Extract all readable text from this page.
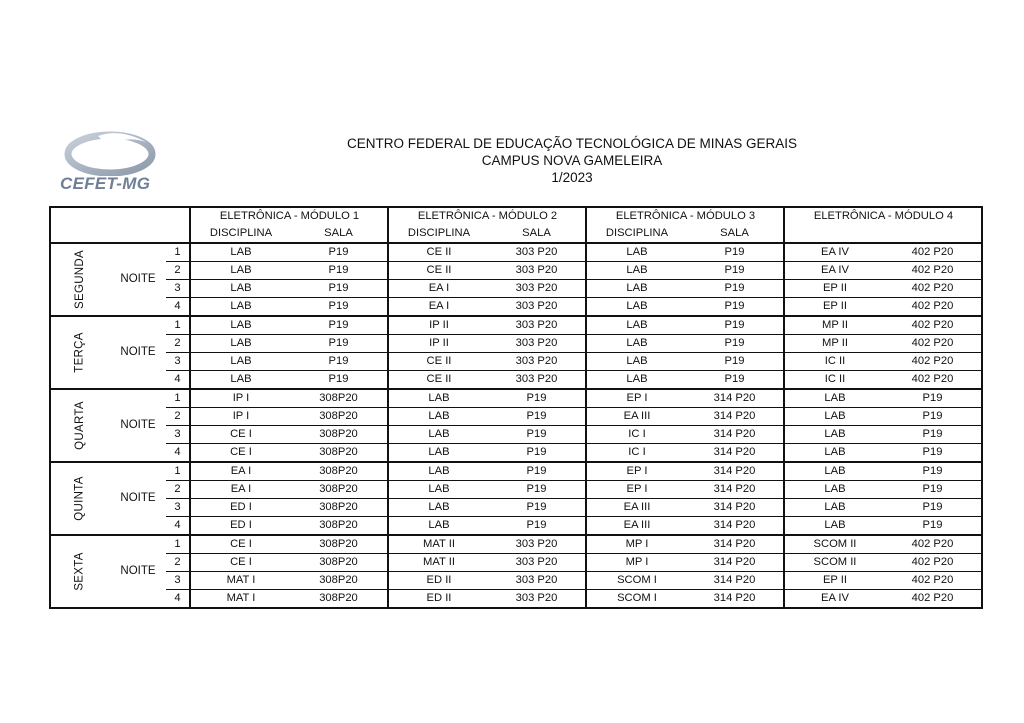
CEFET-MG
CENTRO FEDERAL DE EDUCAÇÃO TECNOLÓGICA DE MINAS GERAIS
CAMPUS NOVA GAMELEIRA
1/2023
				ELETRÔNICA - MÓDULO 1			ELETRÔNICA - MÓDULO 2			ELETRÔNICA - MÓDULO 3			ELETRÔNICA - MÓDULO 4	
				DISCIPLINA	SALA		DISCIPLINA	SALA		DISCIPLINA	SALA			
SEGUNDA	NOITE	1		LAB	P19		CE II	303 P20		LAB	P19		EA IV	402 P20
		2		LAB	P19		CE II	303 P20		LAB	P19		EA IV	402 P20
		3		LAB	P19		EA I	303 P20		LAB	P19		EP II	402 P20
		4		LAB	P19		EA I	303 P20		LAB	P19		EP II	402 P20
TERÇA	NOITE	1		LAB	P19		IP II	303 P20		LAB	P19		MP II	402 P20
		2		LAB	P19		IP II	303 P20		LAB	P19		MP II	402 P20
		3		LAB	P19		CE II	303 P20		LAB	P19		IC II	402 P20
		4		LAB	P19		CE II	303 P20		LAB	P19		IC II	402 P20
QUARTA	NOITE	1		IP I	308P20		LAB	P19		EP I	314 P20		LAB	P19
		2		IP I	308P20		LAB	P19		EA III	314 P20		LAB	P19
		3		CE I	308P20		LAB	P19		IC I	314 P20		LAB	P19
		4		CE I	308P20		LAB	P19		IC I	314 P20		LAB	P19
QUINTA	NOITE	1		EA I	308P20		LAB	P19		EP I	314 P20		LAB	P19
		2		EA I	308P20		LAB	P19		EP I	314 P20		LAB	P19
		3		ED I	308P20		LAB	P19		EA III	314 P20		LAB	P19
		4		ED I	308P20		LAB	P19		EA III	314 P20		LAB	P19
SEXTA	NOITE	1		CE I	308P20		MAT II	303 P20		MP I	314 P20		SCOM II	402 P20
		2		CE I	308P20		MAT II	303 P20		MP I	314 P20		SCOM II	402 P20
		3		MAT I	308P20		ED II	303 P20		SCOM I	314 P20		EP II	402 P20
		4		MAT I	308P20		ED II	303 P20		SCOM I	314 P20		EA IV	402 P20
